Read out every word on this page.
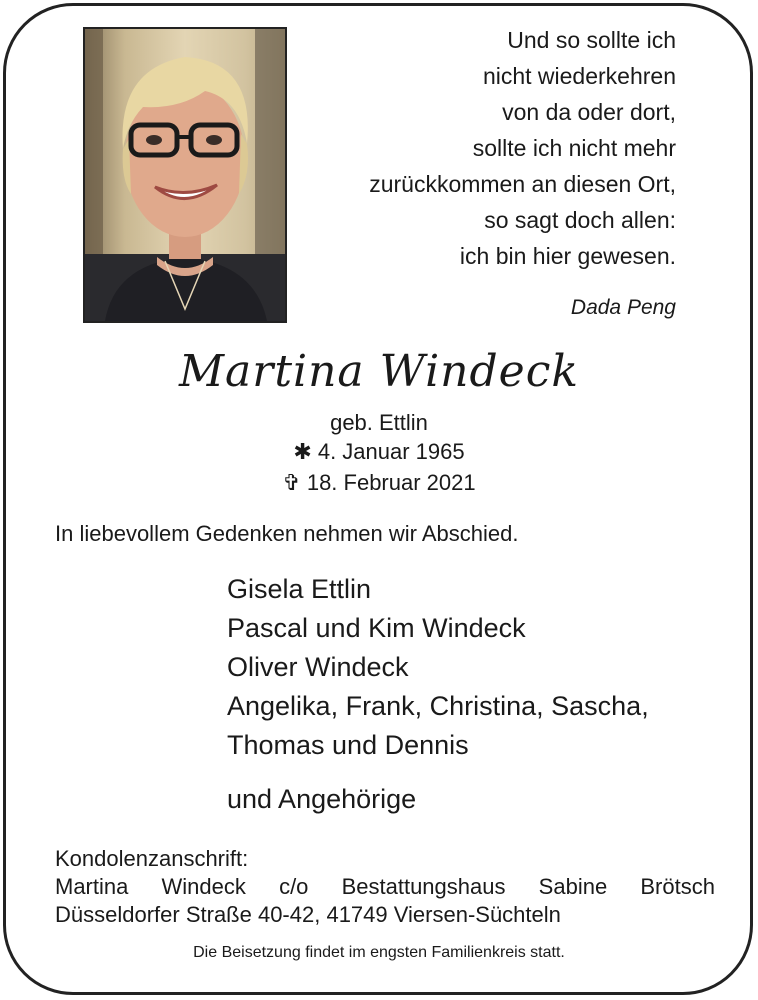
Und so sollte ich
nicht wiederkehren
von da oder dort,
sollte ich nicht mehr
zurückkommen an diesen Ort,
so sagt doch allen:
ich bin hier gewesen.
Dada Peng
Martina Windeck
geb. Ettlin
✱ 4. Januar 1965
✞ 18. Februar 2021
In liebevollem Gedenken nehmen wir Abschied.
Gisela Ettlin
Pascal und Kim Windeck
Oliver Windeck
Angelika, Frank, Christina, Sascha,
Thomas und Dennis
und Angehörige
Kondolenzanschrift:
Martina Windeck c/o Bestattungshaus Sabine Brötsch
Düsseldorfer Straße 40-42, 41749 Viersen-Süchteln
Die Beisetzung findet im engsten Familienkreis statt.
